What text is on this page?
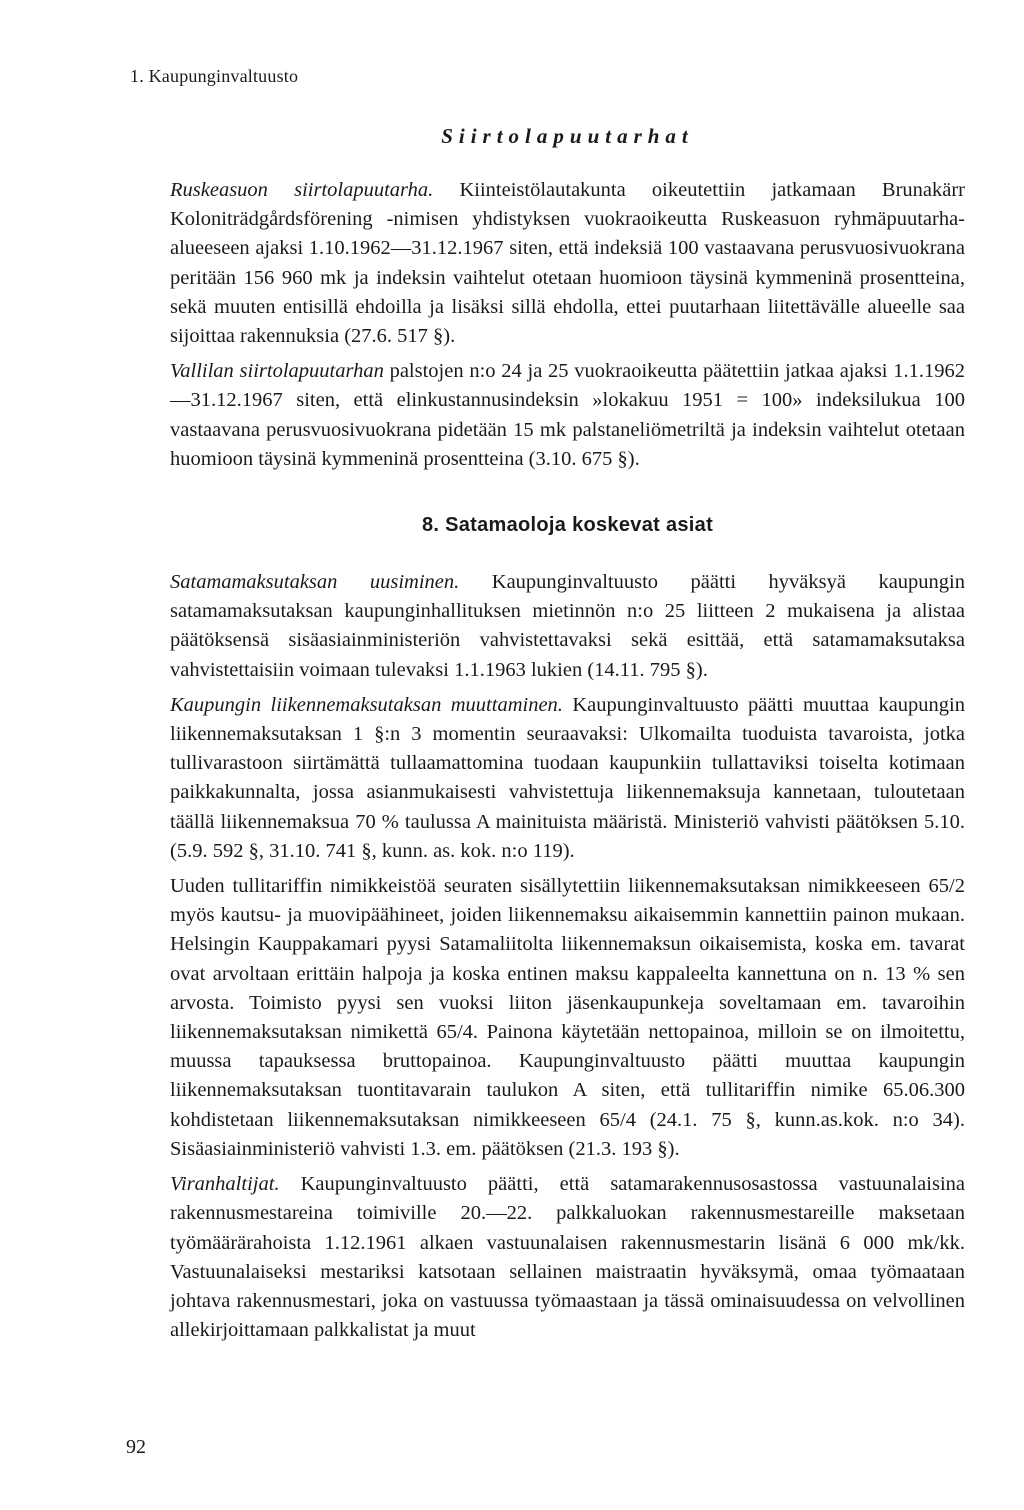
1. Kaupunginvaltuusto
Siirtolapuutarhat

Ruskeasuon siirtolapuutarha. Kiinteistölautakunta oikeutettiin jatkamaan Brunakärr Koloniträdgårdsförening -nimisen yhdistyksen vuokraoikeutta Ruskeasuon ryhmäpuutarha-alueeseen ajaksi 1.10.1962—31.12.1967 siten, että indeksiä 100 vastaavana perusvuosivuokrana peritään 156 960 mk ja indeksin vaihtelut otetaan huomioon täysinä kymmeninä prosentteina, sekä muuten entisillä ehdoilla ja lisäksi sillä ehdolla, ettei puutarhaan liitettävälle alueelle saa sijoittaa rakennuksia (27.6. 517 §).

Vallilan siirtolapuutarhan palstojen n:o 24 ja 25 vuokraoikeutta päätettiin jatkaa ajaksi 1.1.1962—31.12.1967 siten, että elinkustannusindeksin »lokakuu 1951 = 100» indeksilukua 100 vastaavana perusvuosivuokrana pidetään 15 mk palstaneliömetriltä ja indeksin vaihtelut otetaan huomioon täysinä kymmeninä prosentteina (3.10. 675 §).

8. Satamaoloja koskevat asiat

Satamamaksutaksan uusiminen. Kaupunginvaltuusto päätti hyväksyä kaupungin satamamaksutaksan kaupunginhallituksen mietinnön n:o 25 liitteen 2 mukaisena ja alistaa päätöksensä sisäasiainministeriön vahvistettavaksi sekä esittää, että satamamaksutaksa vahvistettaisiin voimaan tulevaksi 1.1.1963 lukien (14.11. 795 §).

Kaupungin liikennemaksutaksan muuttaminen. Kaupunginvaltuusto päätti muuttaa kaupungin liikennemaksutaksan 1 §:n 3 momentin seuraavaksi: Ulkomailta tuoduista tavaroista, jotka tullivarastoon siirtämättä tullaamattomina tuodaan kaupunkiin tullattaviksi toiselta kotimaan paikkakunnalta, jossa asianmukaisesti vahvistettuja liikennemaksuja kannetaan, tuloutetaan täällä liikennemaksua 70 % taulussa A mainituista määristä. Ministeriö vahvisti päätöksen 5.10. (5.9. 592 §, 31.10. 741 §, kunn. as. kok. n:o 119).

Uuden tullitariffin nimikkeistöä seuraten sisällytettiin liikennemaksutaksan nimikkeeseen 65/2 myös kautsu- ja muovipäähineet, joiden liikennemaksu aikaisemmin kannettiin painon mukaan. Helsingin Kauppakamari pyysi Satamaliitolta liikennemaksun oikaisemista, koska em. tavarat ovat arvoltaan erittäin halpoja ja koska entinen maksu kappaleelta kannettuna on n. 13 % sen arvosta. Toimisto pyysi sen vuoksi liiton jäsenkaupunkeja soveltamaan em. tavaroihin liikennemaksutaksan nimikettä 65/4. Painona käytetään nettopainoa, milloin se on ilmoitettu, muussa tapauksessa bruttopainoa. Kaupunginvaltuusto päätti muuttaa kaupungin liikennemaksutaksan tuontitavarain taulukon A siten, että tullitariffin nimike 65.06.300 kohdistetaan liikennemaksutaksan nimikkeeseen 65/4 (24.1. 75 §, kunn.as.kok. n:o 34). Sisäasiainministeriö vahvisti 1.3. em. päätöksen (21.3. 193 §).

Viranhaltijat. Kaupunginvaltuusto päätti, että satamarakennusosastossa vastuunalaisina rakennusmestareina toimiville 20.—22. palkkaluokan rakennusmestareille maksetaan työmäärärahoista 1.12.1961 alkaen vastuunalaisen rakennusmestarin lisänä 6 000 mk/kk. Vastuunalaiseksi mestariksi katsotaan sellainen maistraatin hyväksymä, omaa työmaataan johtava rakennusmestari, joka on vastuussa työmaastaan ja tässä ominaisuudessa on velvollinen allekirjoittamaan palkkalistat ja muut

92
